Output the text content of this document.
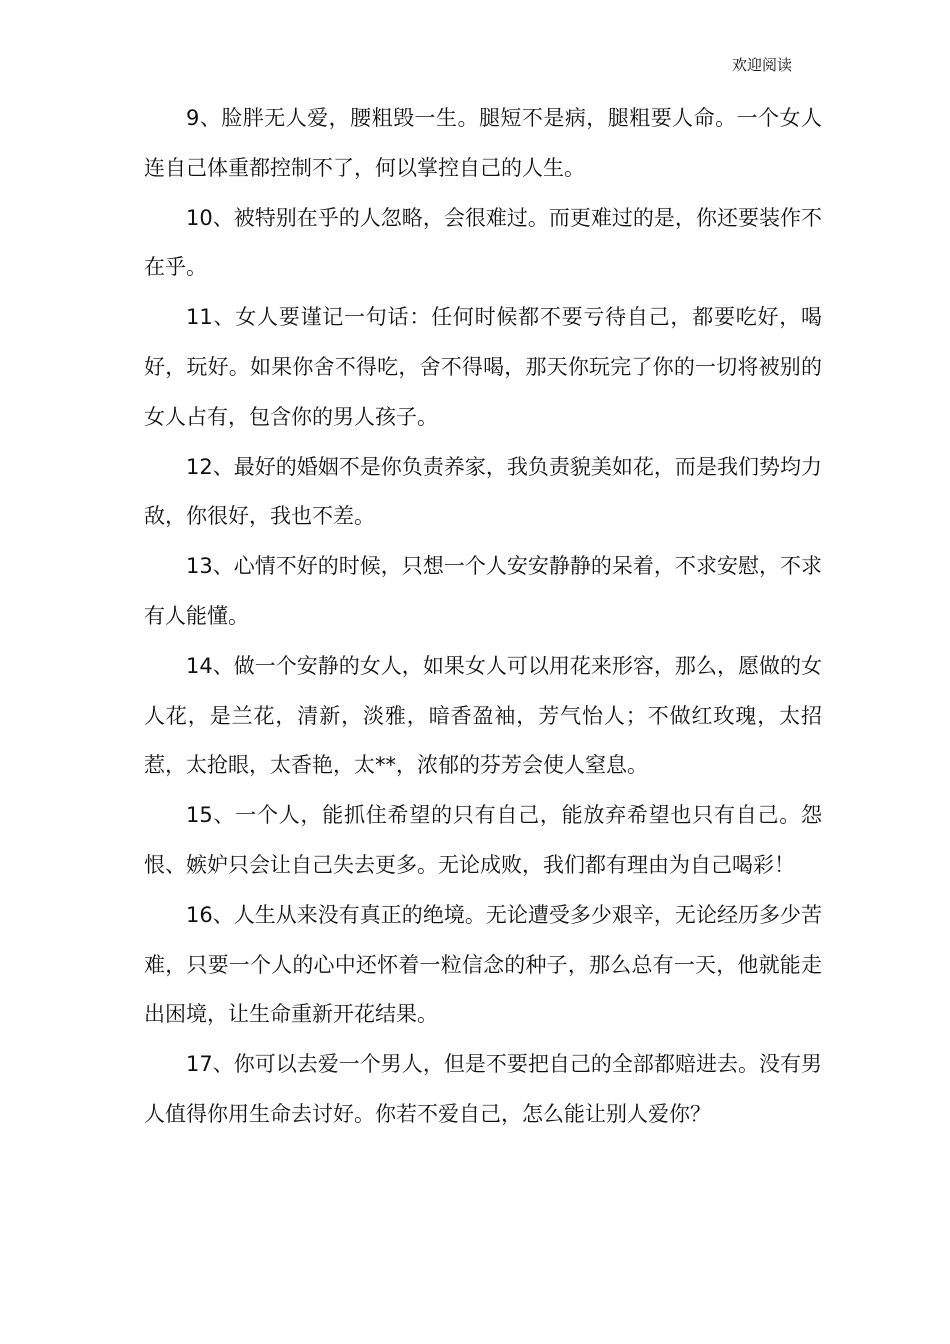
欢迎阅读

9、脸胖无人爱，腰粗毁一生。腿短不是病，腿粗要人命。一个女人连自己体重都控制不了，何以掌控自己的人生。

10、被特别在乎的人忽略，会很难过。而更难过的是，你还要装作不在乎。

11、女人要谨记一句话：任何时候都不要亏待自己，都要吃好，喝好，玩好。如果你舍不得吃，舍不得喝，那天你玩完了你的一切将被别的女人占有，包含你的男人孩子。

12、最好的婚姻不是你负责养家，我负责貌美如花，而是我们势均力敌，你很好，我也不差。

13、心情不好的时候，只想一个人安安静静的呆着，不求安慰，不求有人能懂。

14、做一个安静的女人，如果女人可以用花来形容，那么，愿做的女人花，是兰花，清新，淡雅，暗香盈袖，芳气怡人；不做红玫瑰，太招惹，太抢眼，太香艳，太**，浓郁的芬芳会使人窒息。

15、一个人，能抓住希望的只有自己，能放弃希望也只有自己。怨恨、嫉妒只会让自己失去更多。无论成败，我们都有理由为自己喝彩！

16、人生从来没有真正的绝境。无论遭受多少艰辛，无论经历多少苦难，只要一个人的心中还怀着一粒信念的种子，那么总有一天，他就能走出困境，让生命重新开花结果。

17、你可以去爱一个男人，但是不要把自己的全部都赔进去。没有男人值得你用生命去讨好。你若不爱自己，怎么能让别人爱你？
